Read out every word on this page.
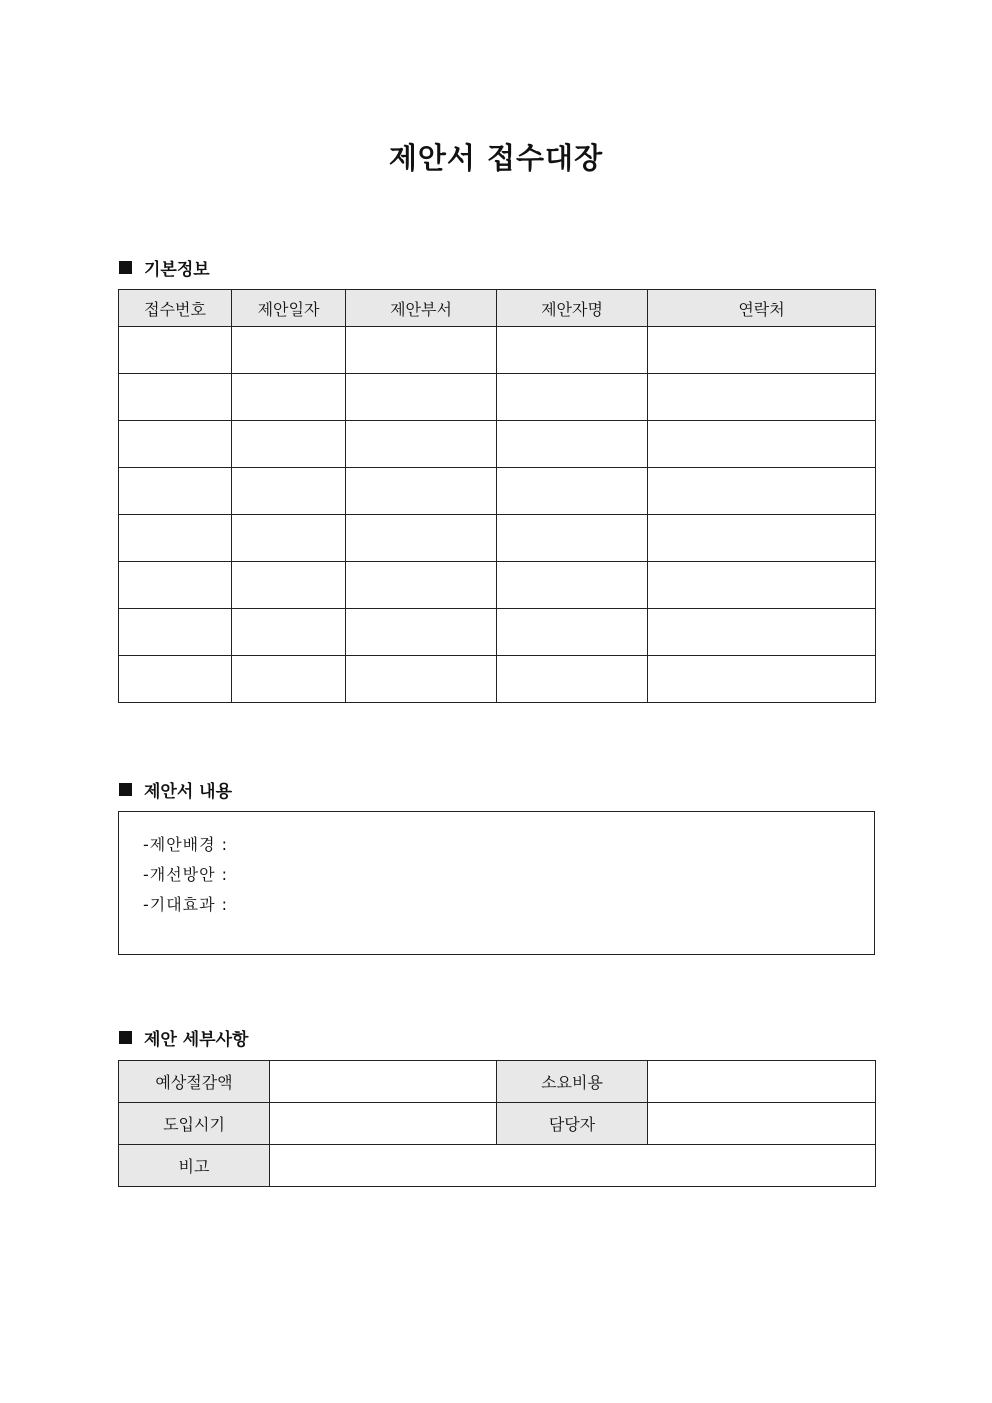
제안서 접수대장
기본정보
접수번호	제안일자	제안부서	제안자명	연락처

제안서 내용
-제안배경 :
-개선방안 :
-기대효과 :
제안 세부사항
예상절감액		소요비용	
도입시기		담당자	
비고			
